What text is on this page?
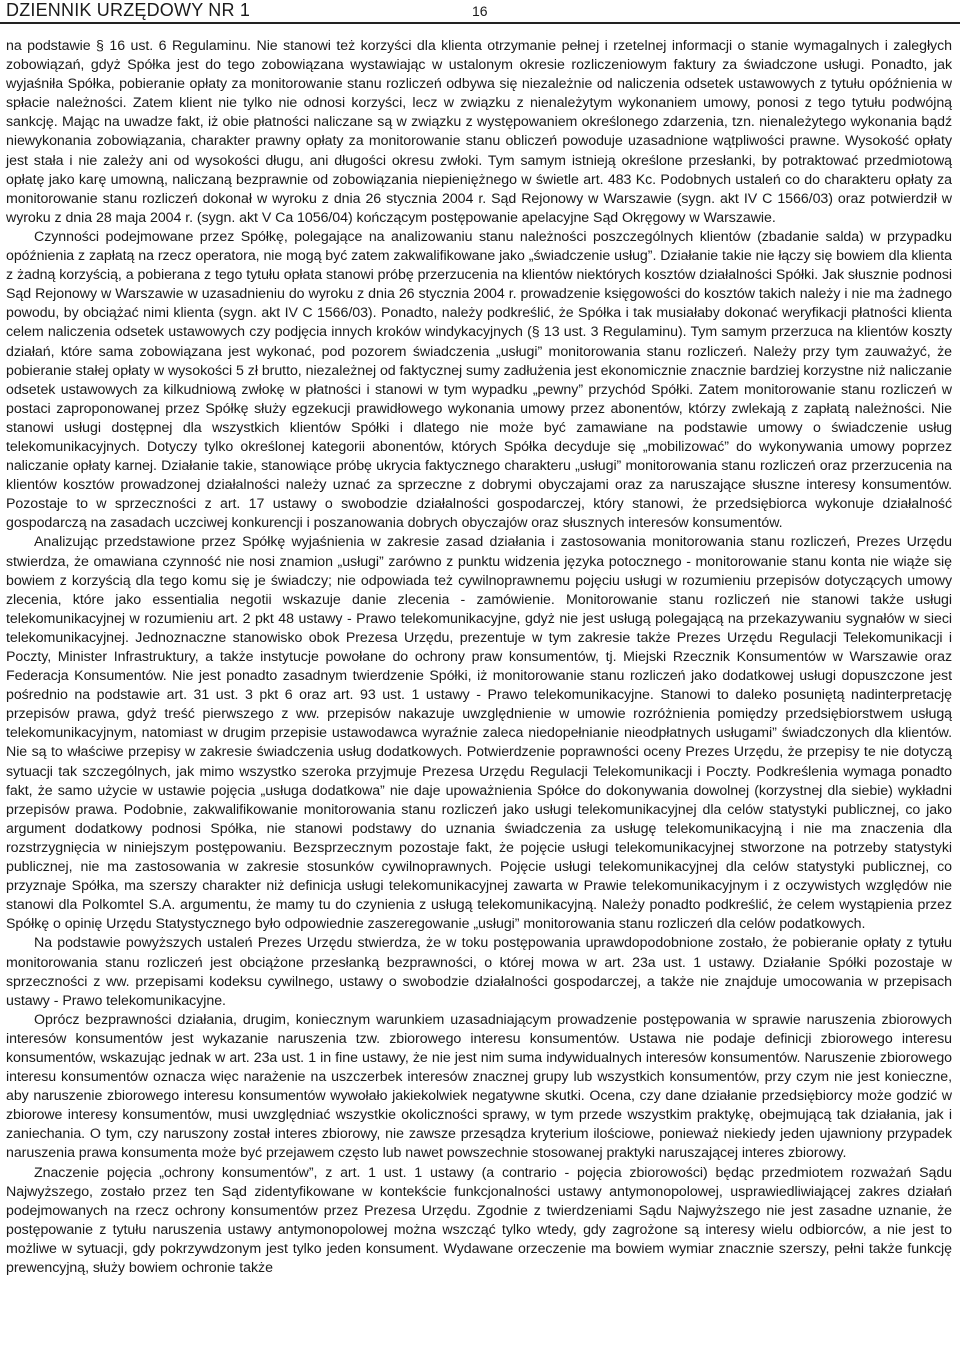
DZIENNIK URZĘDOWY NR 1	16

na podstawie § 16 ust. 6 Regulaminu. Nie stanowi też korzyści dla klienta otrzymanie pełnej i rzetelnej informacji o stanie wymagalnych i zaległych zobowiązań, gdyż Spółka jest do tego zobowiązana wystawiając w ustalonym okresie rozliczeniowym faktury za świadczone usługi. Ponadto, jak wyjaśniła Spółka, pobieranie opłaty za monitorowanie stanu rozliczeń odbywa się niezależnie od naliczenia odsetek ustawowych z tytułu opóźnienia w spłacie należności. Zatem klient nie tylko nie odnosi korzyści, lecz w związku z nienależytym wykonaniem umowy, ponosi z tego tytułu podwójną sankcję. Mając na uwadze fakt, iż obie płatności naliczane są w związku z występowaniem określonego zdarzenia, tzn. nienależytego wykonania bądź niewykonania zobowiązania, charakter prawny opłaty za monitorowanie stanu obliczeń powoduje uzasadnione wątpliwości prawne. Wysokość opłaty jest stała i nie zależy ani od wysokości długu, ani długości okresu zwłoki. Tym samym istnieją określone przesłanki, by potraktować przedmiotową opłatę jako karę umowną, naliczaną bezprawnie od zobowiązania niepieniężnego w świetle art. 483 Kc. Podobnych ustaleń co do charakteru opłaty za monitorowanie stanu rozliczeń dokonał w wyroku z dnia 26 stycznia 2004 r. Sąd Rejonowy w Warszawie (sygn. akt IV C 1566/03) oraz potwierdził w wyroku z dnia 28 maja 2004 r. (sygn. akt V Ca 1056/04) kończącym postępowanie apelacyjne Sąd Okręgowy w Warszawie.

Czynności podejmowane przez Spółkę, polegające na analizowaniu stanu należności poszczególnych klientów (zbadanie salda) w przypadku opóźnienia z zapłatą na rzecz operatora, nie mogą być zatem zakwalifikowane jako „świadczenie usług”. Działanie takie nie łączy się bowiem dla klienta z żadną korzyścią, a pobierana z tego tytułu opłata stanowi próbę przerzucenia na klientów niektórych kosztów działalności Spółki. Jak słusznie podnosi Sąd Rejonowy w Warszawie w uzasadnieniu do wyroku z dnia 26 stycznia 2004 r. prowadzenie księgowości do kosztów takich należy i nie ma żadnego powodu, by obciążać nimi klienta (sygn. akt IV C 1566/03). Ponadto, należy podkreślić, że Spółka i tak musiałaby dokonać weryfikacji płatności klienta celem naliczenia odsetek ustawowych czy podjęcia innych kroków windykacyjnych (§ 13 ust. 3 Regulaminu). Tym samym przerzuca na klientów koszty działań, które sama zobowiązana jest wykonać, pod pozorem świadczenia „usługi” monitorowania stanu rozliczeń. Należy przy tym zauważyć, że pobieranie stałej opłaty w wysokości 5 zł brutto, niezależnej od faktycznej sumy zadłużenia jest ekonomicznie znacznie bardziej korzystne niż naliczanie odsetek ustawowych za kilkudniową zwłokę w płatności i stanowi w tym wypadku „pewny” przychód Spółki. Zatem monitorowanie stanu rozliczeń w postaci zaproponowanej przez Spółkę służy egzekucji prawidłowego wykonania umowy przez abonentów, którzy zwlekają z zapłatą należności. Nie stanowi usługi dostępnej dla wszystkich klientów Spółki i dlatego nie może być zamawiane na podstawie umowy o świadczenie usług telekomunikacyjnych. Dotyczy tylko określonej kategorii abonentów, których Spółka decyduje się „mobilizować” do wykonywania umowy poprzez naliczanie opłaty karnej. Działanie takie, stanowiące próbę ukrycia faktycznego charakteru „usługi” monitorowania stanu rozliczeń oraz przerzucenia na klientów kosztów prowadzonej działalności należy uznać za sprzeczne z dobrymi obyczajami oraz za naruszające słuszne interesy konsumentów. Pozostaje to w sprzeczności z art. 17 ustawy o swobodzie działalności gospodarczej, który stanowi, że przedsiębiorca wykonuje działalność gospodarczą na zasadach uczciwej konkurencji i poszanowania dobrych obyczajów oraz słusznych interesów konsumentów.

Analizując przedstawione przez Spółkę wyjaśnienia w zakresie zasad działania i zastosowania monitorowania stanu rozliczeń, Prezes Urzędu stwierdza, że omawiana czynność nie nosi znamion „usługi” zarówno z punktu widzenia języka potocznego - monitorowanie stanu konta nie wiąże się bowiem z korzyścią dla tego komu się je świadczy; nie odpowiada też cywilnoprawnemu pojęciu usługi w rozumieniu przepisów dotyczących umowy zlecenia, które jako essentialia negotii wskazuje danie zlecenia - zamówienie. Monitorowanie stanu rozliczeń nie stanowi także usługi telekomunikacyjnej w rozumieniu art. 2 pkt 48 ustawy - Prawo telekomunikacyjne, gdyż nie jest usługą polegającą na przekazywaniu sygnałów w sieci telekomunikacyjnej. Jednoznaczne stanowisko obok Prezesa Urzędu, prezentuje w tym zakresie także Prezes Urzędu Regulacji Telekomunikacji i Poczty, Minister Infrastruktury, a także instytucje powołane do ochrony praw konsumentów, tj. Miejski Rzecznik Konsumentów w Warszawie oraz Federacja Konsumentów. Nie jest ponadto zasadnym twierdzenie Spółki, iż monitorowanie stanu rozliczeń jako dodatkowej usługi dopuszczone jest pośrednio na podstawie art. 31 ust. 3 pkt 6 oraz art. 93 ust. 1 ustawy - Prawo telekomunikacyjne. Stanowi to daleko posuniętą nadinterpretację przepisów prawa, gdyż treść pierwszego z ww. przepisów nakazuje uwzględnienie w umowie rozróżnienia pomiędzy przedsiębiorstwem usługą telekomunikacyjnym, natomiast w drugim przepisie ustawodawca wyraźnie zaleca niedopełnianie nieodpłatnych usługami” świadczonych dla klientów. Nie są to właściwe przepisy w zakresie świadczenia usług dodatkowych. Potwierdzenie poprawności oceny Prezes Urzędu, że przepisy te nie dotyczą sytuacji tak szczególnych, jak mimo wszystko szeroka przyjmuje Prezesa Urzędu Regulacji Telekomunikacji i Poczty. Podkreślenia wymaga ponadto fakt, że samo użycie w ustawie pojęcia „usługa dodatkowa” nie daje upoważnienia Spółce do dokonywania dowolnej (korzystnej dla siebie) wykładni przepisów prawa. Podobnie, zakwalifikowanie monitorowania stanu rozliczeń jako usługi telekomunikacyjnej dla celów statystyki publicznej, co jako argument dodatkowy podnosi Spółka, nie stanowi podstawy do uznania świadczenia za usługę telekomunikacyjną i nie ma znaczenia dla rozstrzygnięcia w niniejszym postępowaniu. Bezsprzecznym pozostaje fakt, że pojęcie usługi telekomunikacyjnej stworzone na potrzeby statystyki publicznej, nie ma zastosowania w zakresie stosunków cywilnoprawnych. Pojęcie usługi telekomunikacyjnej dla celów statystyki publicznej, co przyznaje Spółka, ma szerszy charakter niż definicja usługi telekomunikacyjnej zawarta w Prawie telekomunikacyjnym i z oczywistych względów nie stanowi dla Polkomtel S.A. argumentu, że mamy tu do czynienia z usługą telekomunikacyjną. Należy ponadto podkreślić, że celem wystąpienia przez Spółkę o opinię Urzędu Statystycznego było odpowiednie zaszeregowanie „usługi” monitorowania stanu rozliczeń dla celów podatkowych.

Na podstawie powyższych ustaleń Prezes Urzędu stwierdza, że w toku postępowania uprawdopodobnione zostało, że pobieranie opłaty z tytułu monitorowania stanu rozliczeń jest obciążone przesłanką bezprawności, o której mowa w art. 23a ust. 1 ustawy. Działanie Spółki pozostaje w sprzeczności z ww. przepisami kodeksu cywilnego, ustawy o swobodzie działalności gospodarczej, a także nie znajduje umocowania w przepisach ustawy - Prawo telekomunikacyjne.

Oprócz bezprawności działania, drugim, koniecznym warunkiem uzasadniającym prowadzenie postępowania w sprawie naruszenia zbiorowych interesów konsumentów jest wykazanie naruszenia tzw. zbiorowego interesu konsumentów. Ustawa nie podaje definicji zbiorowego interesu konsumentów, wskazując jednak w art. 23a ust. 1 in fine ustawy, że nie jest nim suma indywidualnych interesów konsumentów. Naruszenie zbiorowego interesu konsumentów oznacza więc narażenie na uszczerbek interesów znacznej grupy lub wszystkich konsumentów, przy czym nie jest konieczne, aby naruszenie zbiorowego interesu konsumentów wywołało jakiekolwiek negatywne skutki. Ocena, czy dane działanie przedsiębiorcy może godzić w zbiorowe interesy konsumentów, musi uwzględniać wszystkie okoliczności sprawy, w tym przede wszystkim praktykę, obejmującą tak działania, jak i zaniechania. O tym, czy naruszony został interes zbiorowy, nie zawsze przesądza kryterium ilościowe, ponieważ niekiedy jeden ujawniony przypadek naruszenia prawa konsumenta może być przejawem często lub nawet powszechnie stosowanej praktyki naruszającej interes zbiorowy.

Znaczenie pojęcia „ochrony konsumentów”, z art. 1 ust. 1 ustawy (a contrario - pojęcia zbiorowości) będąc przedmiotem rozważań Sądu Najwyższego, zostało przez ten Sąd zidentyfikowane w kontekście funkcjonalności ustawy antymonopolowej, usprawiedliwiającej zakres działań podejmowanych na rzecz ochrony konsumentów przez Prezesa Urzędu. Zgodnie z twierdzeniami Sądu Najwyższego nie jest zasadne uznanie, że postępowanie z tytułu naruszenia ustawy antymonopolowej można wszcząć tylko wtedy, gdy zagrożone są interesy wielu odbiorców, a nie jest to możliwe w sytuacji, gdy pokrzywdzonym jest tylko jeden konsument. Wydawane orzeczenie ma bowiem wymiar znacznie szerszy, pełni także funkcję prewencyjną, służy bowiem ochronie także
